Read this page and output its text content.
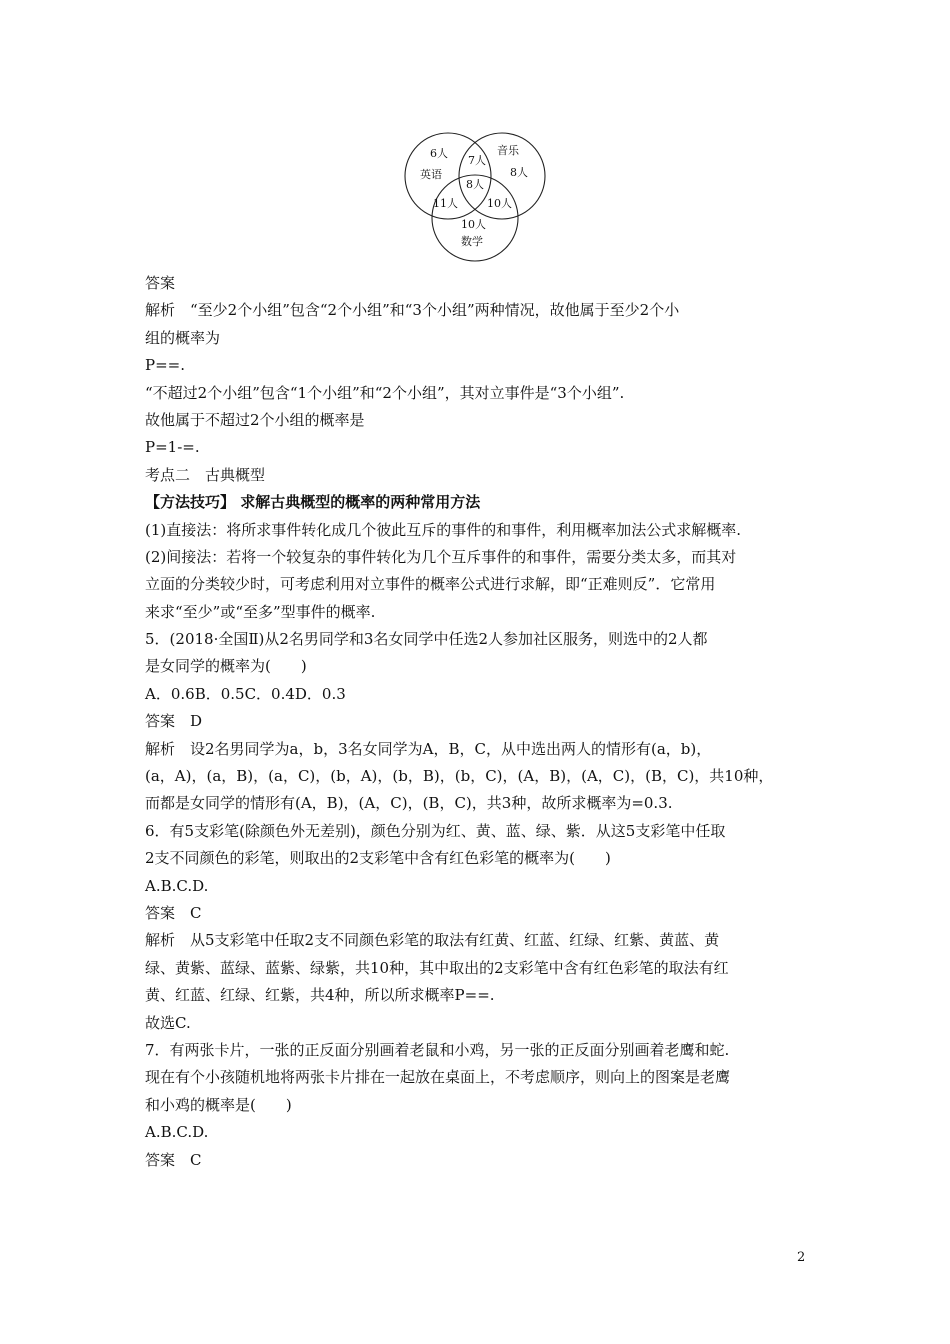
6人
英语
7人
音乐
8人
8人
11人	10人
10人
数学
答案
解析　“至少2个小组”包含“2个小组”和“3个小组”两种情况，故他属于至少2个小
组的概率为
P==.
“不超过2个小组”包含“1个小组”和“2个小组”，其对立事件是“3个小组”.
故他属于不超过2个小组的概率是
P=1-=.
考点二　古典概型
【方法技巧】 求解古典概型的概率的两种常用方法
(1)直接法：将所求事件转化成几个彼此互斥的事件的和事件，利用概率加法公式求解概率.
(2)间接法：若将一个较复杂的事件转化为几个互斥事件的和事件，需要分类太多，而其对
立面的分类较少时，可考虑利用对立事件的概率公式进行求解，即“正难则反”．它常用
来求“至少”或“至多”型事件的概率.
5．(2018·全国Ⅱ)从2名男同学和3名女同学中任选2人参加社区服务，则选中的2人都
是女同学的概率为(　　)
A．0.6B．0.5C．0.4D．0.3
答案　D
解析　设2名男同学为a，b，3名女同学为A，B，C，从中选出两人的情形有(a，b)，
(a，A)，(a，B)，(a，C)，(b，A)，(b，B)，(b，C)，(A，B)，(A，C)，(B，C)，共10种，
而都是女同学的情形有(A，B)，(A，C)，(B，C)，共3种，故所求概率为=0.3.
6．有5支彩笔(除颜色外无差别)，颜色分别为红、黄、蓝、绿、紫．从这5支彩笔中任取
2支不同颜色的彩笔，则取出的2支彩笔中含有红色彩笔的概率为(　　)
A.B.C.D.
答案　C
解析　从5支彩笔中任取2支不同颜色彩笔的取法有红黄、红蓝、红绿、红紫、黄蓝、黄
绿、黄紫、蓝绿、蓝紫、绿紫，共10种，其中取出的2支彩笔中含有红色彩笔的取法有红
黄、红蓝、红绿、红紫，共4种，所以所求概率P==.
故选C.
7．有两张卡片，一张的正反面分别画着老鼠和小鸡，另一张的正反面分别画着老鹰和蛇.
现在有个小孩随机地将两张卡片排在一起放在桌面上，不考虑顺序，则向上的图案是老鹰
和小鸡的概率是(　　)
A.B.C.D.
答案　C
2
